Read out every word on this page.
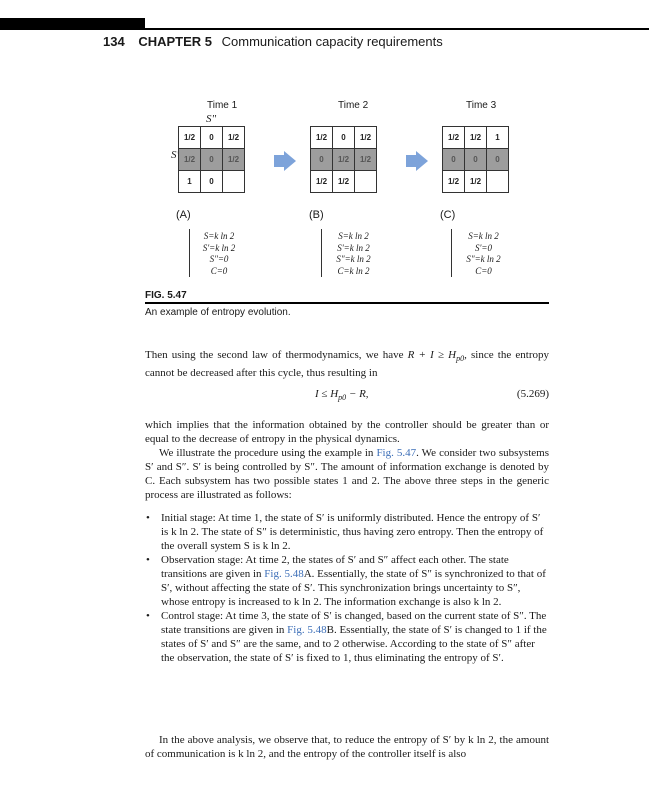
134 CHAPTER 5 Communication capacity requirements
Time 1	Time 2	Time 3
S"
S'
1/2	0	1/2
1/2	0	1/2
1	0	
1/2	0	1/2
0	1/2	1/2
1/2	1/2	
1/2	1/2	1
0	0	0
1/2	1/2	
(A)	(B)	(C)
S=k ln 2
S'=k ln 2
S"=0
C=0
S=k ln 2
S'=k ln 2
S"=k ln 2
C=k ln 2
S=k ln 2
S'=0
S"=k ln 2
C=0
FIG. 5.47
An example of entropy evolution.
Then using the second law of thermodynamics, we have $R + I \ge H_{p0}$, since the entropy cannot be decreased after this cycle, thus resulting in
$I \le H_{p0} - R$,	(5.269)
which implies that the information obtained by the controller should be greater than or equal to the decrease of entropy in the physical dynamics.
We illustrate the procedure using the example in Fig. 5.47. We consider two subsystems S′ and S″. S′ is being controlled by S″. The amount of information exchange is denoted by C. Each subsystem has two possible states 1 and 2. The above three steps in the generic process are illustrated as follows:
• Initial stage: At time 1, the state of S′ is uniformly distributed. Hence the entropy of S′ is k ln 2. The state of S″ is deterministic, thus having zero entropy. Then the entropy of the overall system S is k ln 2.
• Observation stage: At time 2, the states of S′ and S″ affect each other. The state transitions are given in Fig. 5.48A. Essentially, the state of S″ is synchronized to that of S′, without affecting the state of S′. This synchronization brings uncertainty to S″, whose entropy is increased to k ln 2. The information exchange is also k ln 2.
• Control stage: At time 3, the state of S′ is changed, based on the current state of S″. The state transitions are given in Fig. 5.48B. Essentially, the state of S′ is changed to 1 if the states of S′ and S″ are the same, and to 2 otherwise. According to the state of S″ after the observation, the state of S′ is fixed to 1, thus eliminating the entropy of S′.
In the above analysis, we observe that, to reduce the entropy of S′ by k ln 2, the amount of communication is k ln 2, and the entropy of the controller itself is also
